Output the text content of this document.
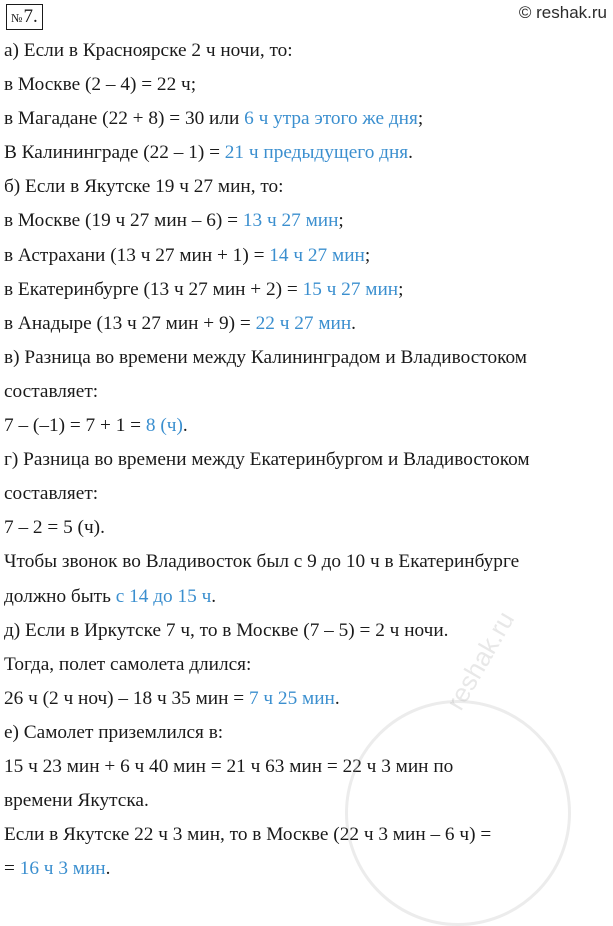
№ 7.	© reshak.ru
а) Если в Красноярске 2 ч ночи, то:
в Москве (2 – 4) = 22 ч;
в Магадане (22 + 8) = 30 или 6 ч утра этого же дня;
В Калининграде (22 – 1) = 21 ч предыдущего дня.
б) Если в Якутске 19 ч 27 мин, то:
в Москве (19 ч 27 мин – 6) = 13 ч 27 мин;
в Астрахани (13 ч 27 мин + 1) = 14 ч 27 мин;
в Екатеринбурге (13 ч 27 мин + 2) = 15 ч 27 мин;
в Анадыре (13 ч 27 мин + 9) = 22 ч 27 мин.
в) Разница во времени между Калининградом и Владивостоком
составляет:
7 – (–1) = 7 + 1 = 8 (ч).
г) Разница во времени между Екатеринбургом и Владивостоком
составляет:
7 – 2 = 5 (ч).
Чтобы звонок во Владивосток был с 9 до 10 ч в Екатеринбурге
должно быть с 14 до 15 ч.
д) Если в Иркутске 7 ч, то в Москве (7 – 5) = 2 ч ночи.
Тогда, полет самолета длился:
26 ч (2 ч ноч) – 18 ч 35 мин = 7 ч 25 мин.
е) Самолет приземлился в:
15 ч 23 мин + 6 ч 40 мин = 21 ч 63 мин = 22 ч 3 мин по
времени Якутска.
Если в Якутске 22 ч 3 мин, то в Москве (22 ч 3 мин – 6 ч) =
= 16 ч 3 мин.
reshak.ru
